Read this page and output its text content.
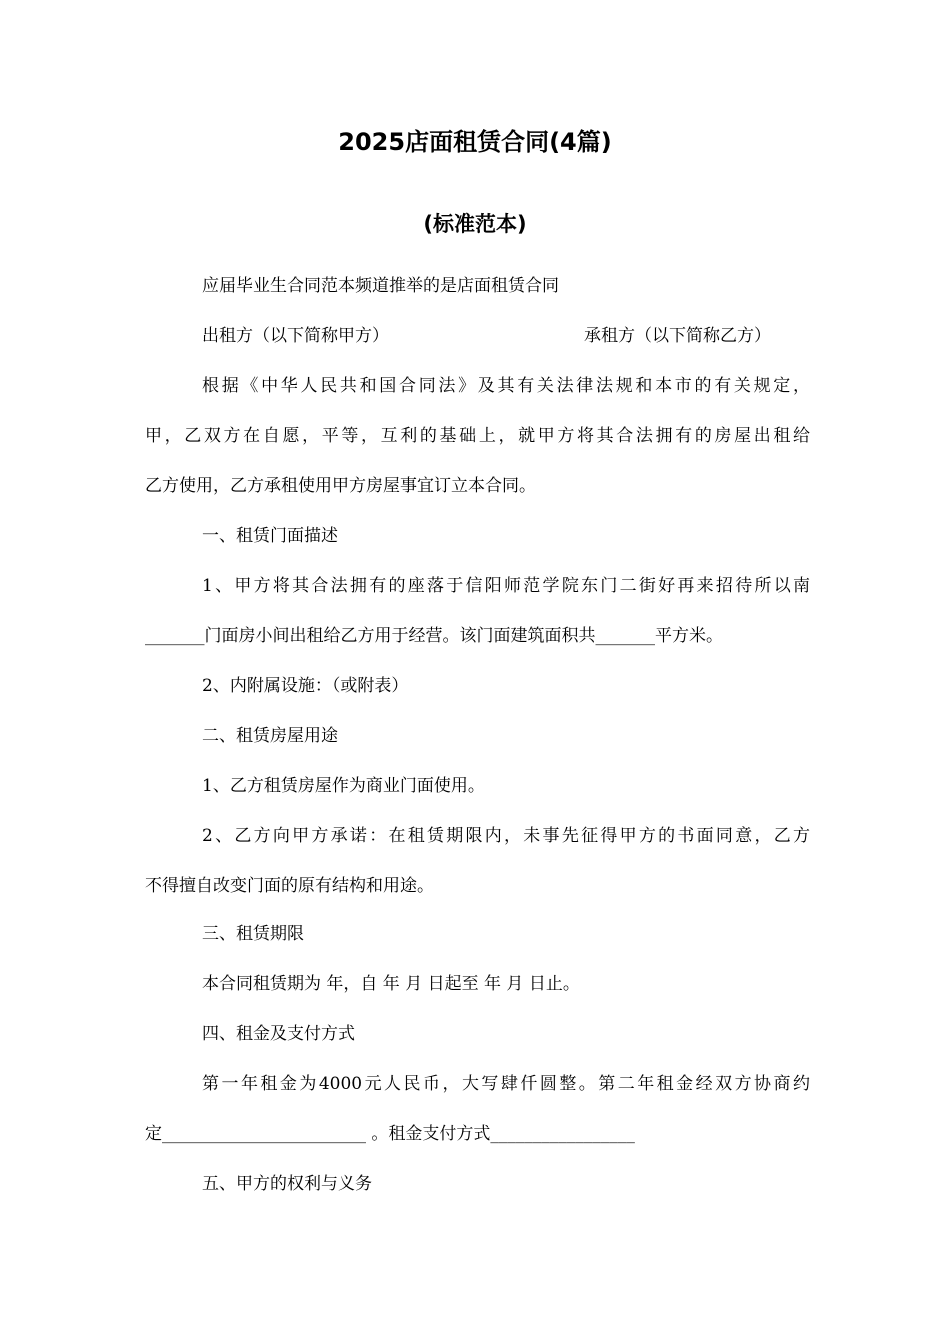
2025店面租赁合同(4篇)
(标准范本)

应届毕业生合同范本频道推举的是店面租赁合同

出租方（以下简称甲方）	承租方（以下简称乙方）

根据《中华人民共和国合同法》及其有关法律法规和本市的有关规定，

甲，乙双方在自愿，平等，互利的基础上，就甲方将其合法拥有的房屋出租给

乙方使用，乙方承租使用甲方房屋事宜订立本合同。

一、租赁门面描述

1、甲方将其合法拥有的座落于信阳师范学院东门二街好再来招待所以南

_______门面房小间出租给乙方用于经营。该门面建筑面积共_______平方米。

2、内附属设施：（或附表）

二、租赁房屋用途

1、乙方租赁房屋作为商业门面使用。

2、乙方向甲方承诺：在租赁期限内，未事先征得甲方的书面同意，乙方

不得擅自改变门面的原有结构和用途。

三、租赁期限

本合同租赁期为 年，自 年 月 日起至 年 月 日止。

四、租金及支付方式

第一年租金为4000元人民币，大写肆仟圆整。第二年租金经双方协商约

定________________________ 。租金支付方式_________________

五、甲方的权利与义务
